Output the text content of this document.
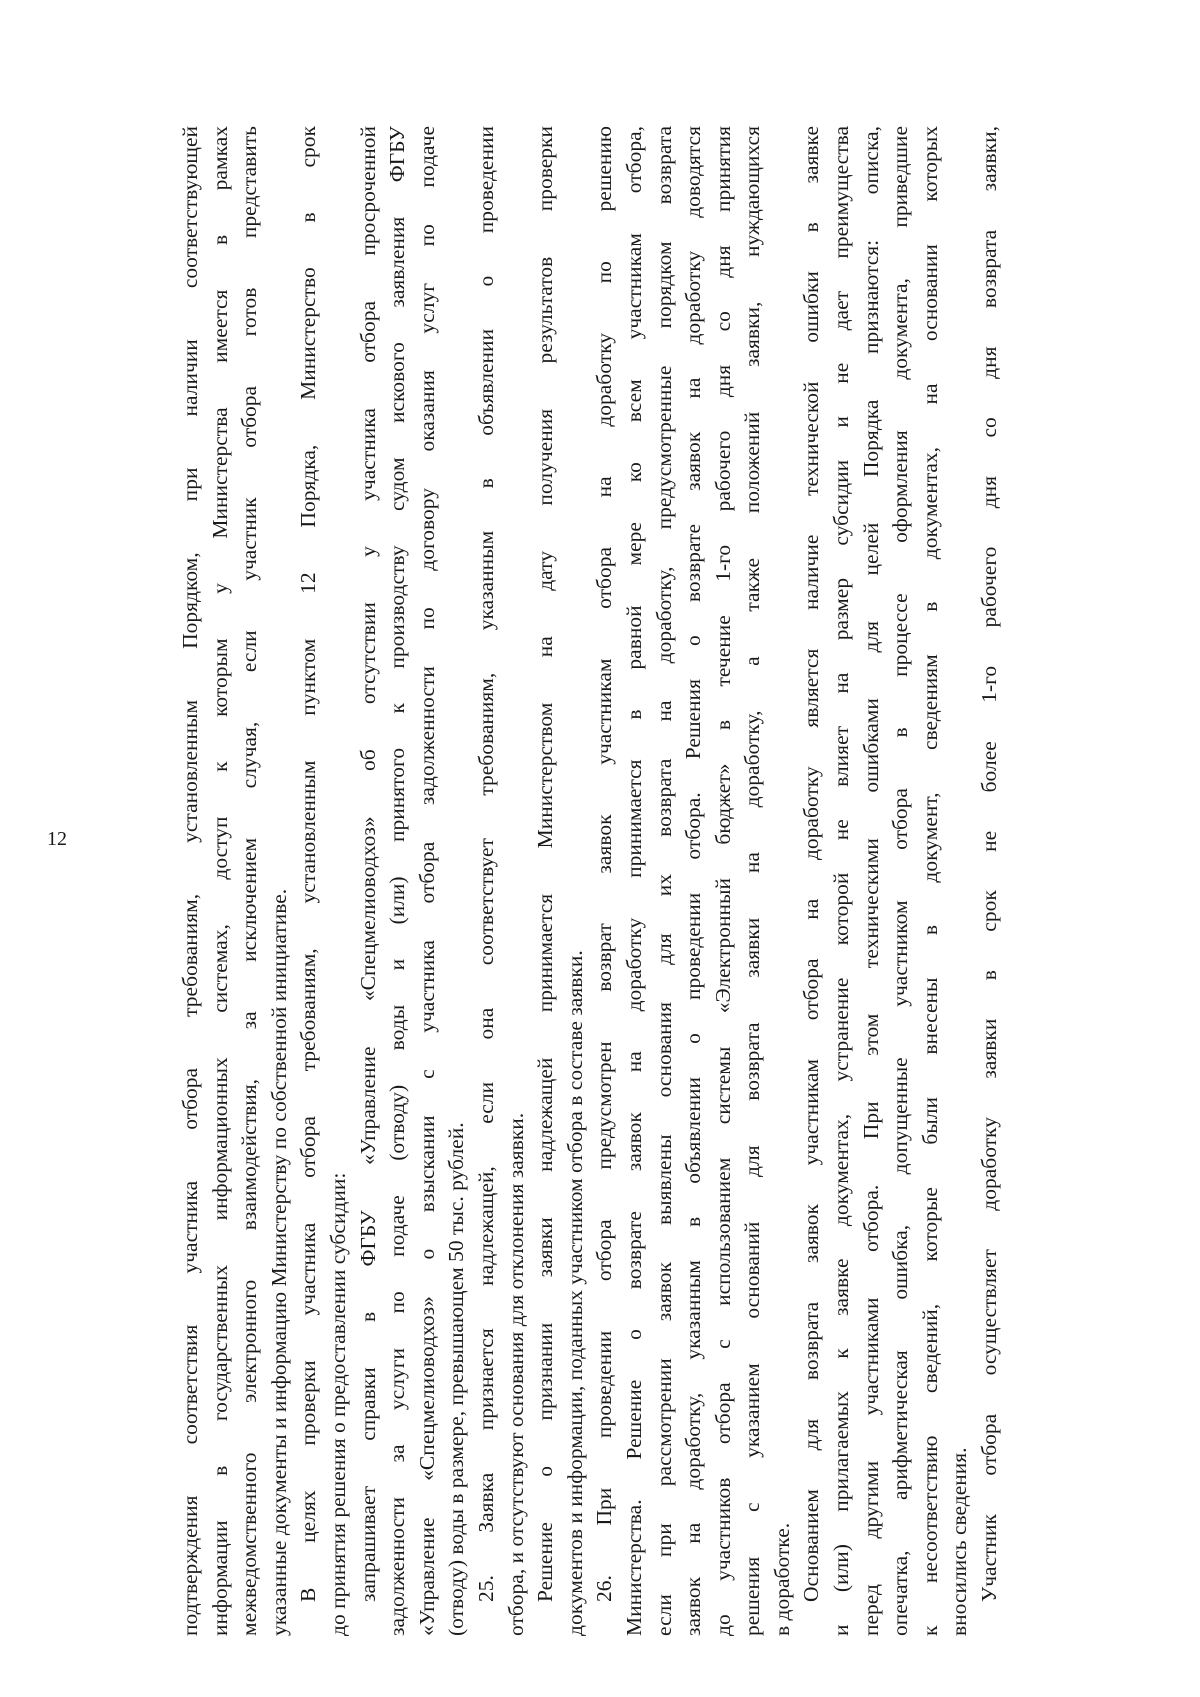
12	подтверждения соответствия участника отбора требованиям, установленным Порядком, при наличии соответствующей информации в государственных информационных системах, доступ к которым у Министерства имеется в рамках межведомственного электронного взаимодействия, за исключением случая, если участник отбора готов представить указанные документы и информацию Министерству по собственной инициативе. В целях проверки участника отбора требованиям, установленным пунктом 12 Порядка, Министерство в срок до принятия решения о предоставлении субсидии: запрашивает справки в ФГБУ «Управление «Спецмелиоводхоз» об отсутствии у участника отбора просроченной задолженности за услуги по подаче (отводу) воды и (или) принятого к производству судом искового заявления ФГБУ «Управление «Спецмелиоводхоз» о взыскании с участника отбора задолженности по договору оказания услуг по подаче (отводу) воды в размере, превышающем 50 тыс. рублей. 25. Заявка признается надлежащей, если она соответствует требованиям, указанным в объявлении о проведении отбора, и отсутствуют основания для отклонения заявки. Решение о признании заявки надлежащей принимается Министерством на дату получения результатов проверки документов и информации, поданных участником отбора в составе заявки. 26. При проведении отбора предусмотрен возврат заявок участникам отбора на доработку по решению Министерства. Решение о возврате заявок на доработку принимается в равной мере ко всем участникам отбора, если при рассмотрении заявок выявлены основания для их возврата на доработку, предусмотренные порядком возврата заявок на доработку, указанным в объявлении о проведении отбора. Решения о возврате заявок на доработку доводятся до участников отбора с использованием системы «Электронный бюджет» в течение 1-го рабочего дня со дня принятия решения с указанием оснований для возврата заявки на доработку, а также положений заявки, нуждающихся в доработке. Основанием для возврата заявок участникам отбора на доработку является наличие технической ошибки в заявке и (или) прилагаемых к заявке документах, устранение которой не влияет на размер субсидии и не дает преимущества перед другими участниками отбора. При этом техническими ошибками для целей Порядка признаются: описка, опечатка, арифметическая ошибка, допущенные участником отбора в процессе оформления документа, приведшие к несоответствию сведений, которые были внесены в документ, сведениям в документах, на основании которых вносились сведения. Участник отбора осуществляет доработку заявки в срок не более 1-го рабочего дня со дня возврата заявки,
